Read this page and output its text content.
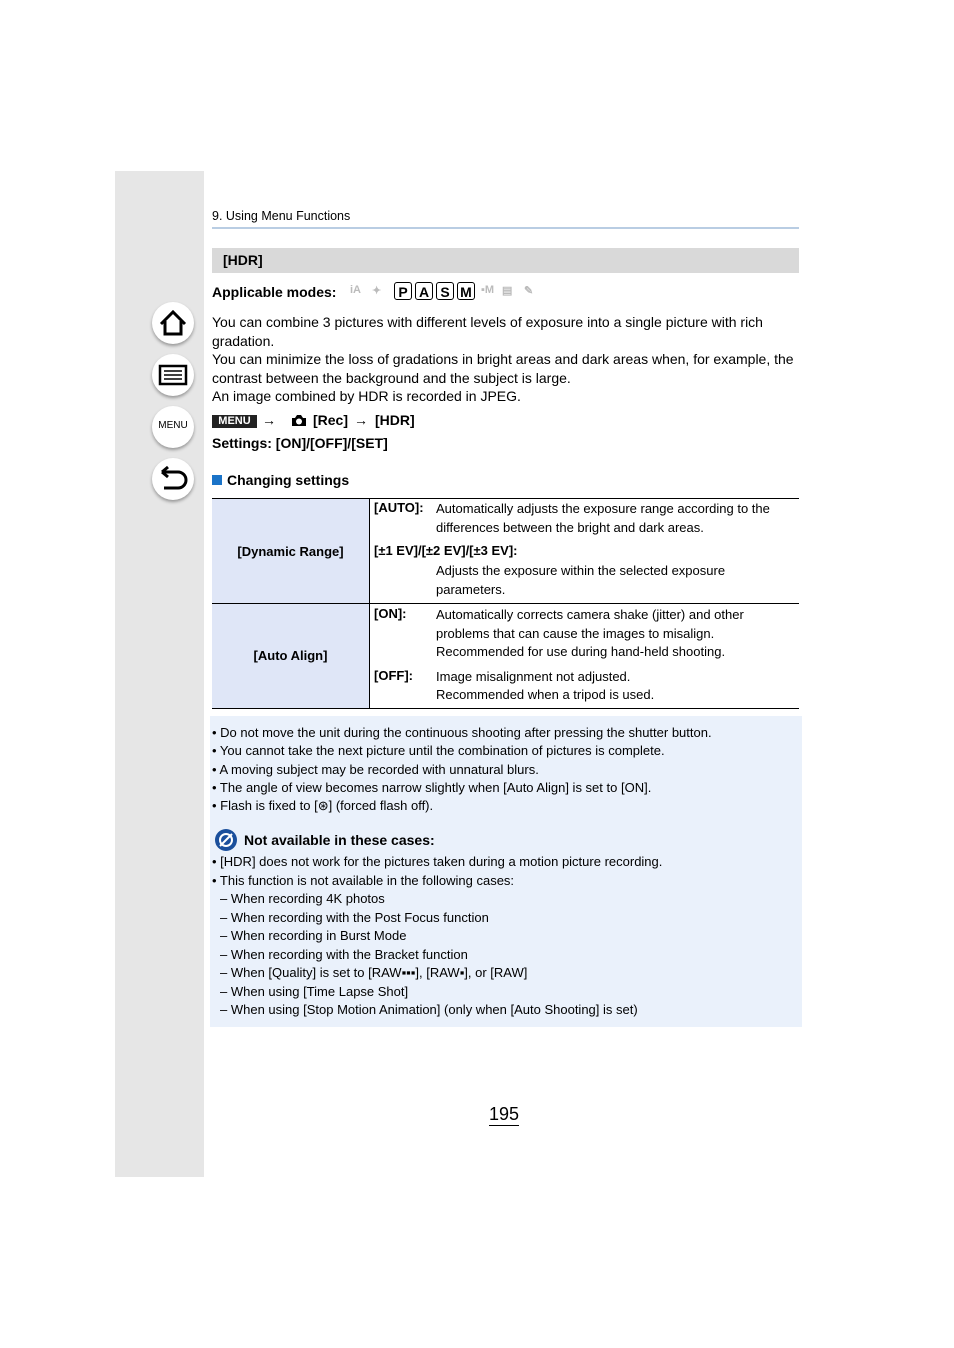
MENU
9. Using Menu Functions
[HDR]
Applicable modes: iA ✦	P A S M ▪M ▤ ✎

You can combine 3 pictures with different levels of exposure into a single picture with rich gradation.

You can minimize the loss of gradations in bright areas and dark areas when, for example, the contrast between the background and the subject is large.

An image combined by HDR is recorded in JPEG.

MENU →	[Rec] → [HDR]
Settings: [ON]/[OFF]/[SET]
Changing settings
[Dynamic Range]	[AUTO]:	Automatically adjusts the exposure range according to the differences between the bright and dark areas.
	[±1 EV]/[±2 EV]/[±3 EV]:	
		Adjusts the exposure within the selected exposure parameters.
[Auto Align]	[ON]:	Automatically corrects camera shake (jitter) and other problems that can cause the images to misalign. Recommended for use during hand-held shooting.
	[OFF]:	Image misalignment not adjusted.
Recommended when a tripod is used.
• Do not move the unit during the continuous shooting after pressing the shutter button.
• You cannot take the next picture until the combination of pictures is complete.
• A moving subject may be recorded with unnatural blurs.
• The angle of view becomes narrow slightly when [Auto Align] is set to [ON].
• Flash is fixed to [⊛] (forced flash off).
Not available in these cases:
• [HDR] does not work for the pictures taken during a motion picture recording.
• This function is not available in the following cases:
– When recording 4K photos
– When recording with the Post Focus function
– When recording in Burst Mode
– When recording with the Bracket function
– When [Quality] is set to [RAW▪▪▪], [RAW▪], or [RAW]
– When using [Time Lapse Shot]
– When using [Stop Motion Animation] (only when [Auto Shooting] is set)
195
